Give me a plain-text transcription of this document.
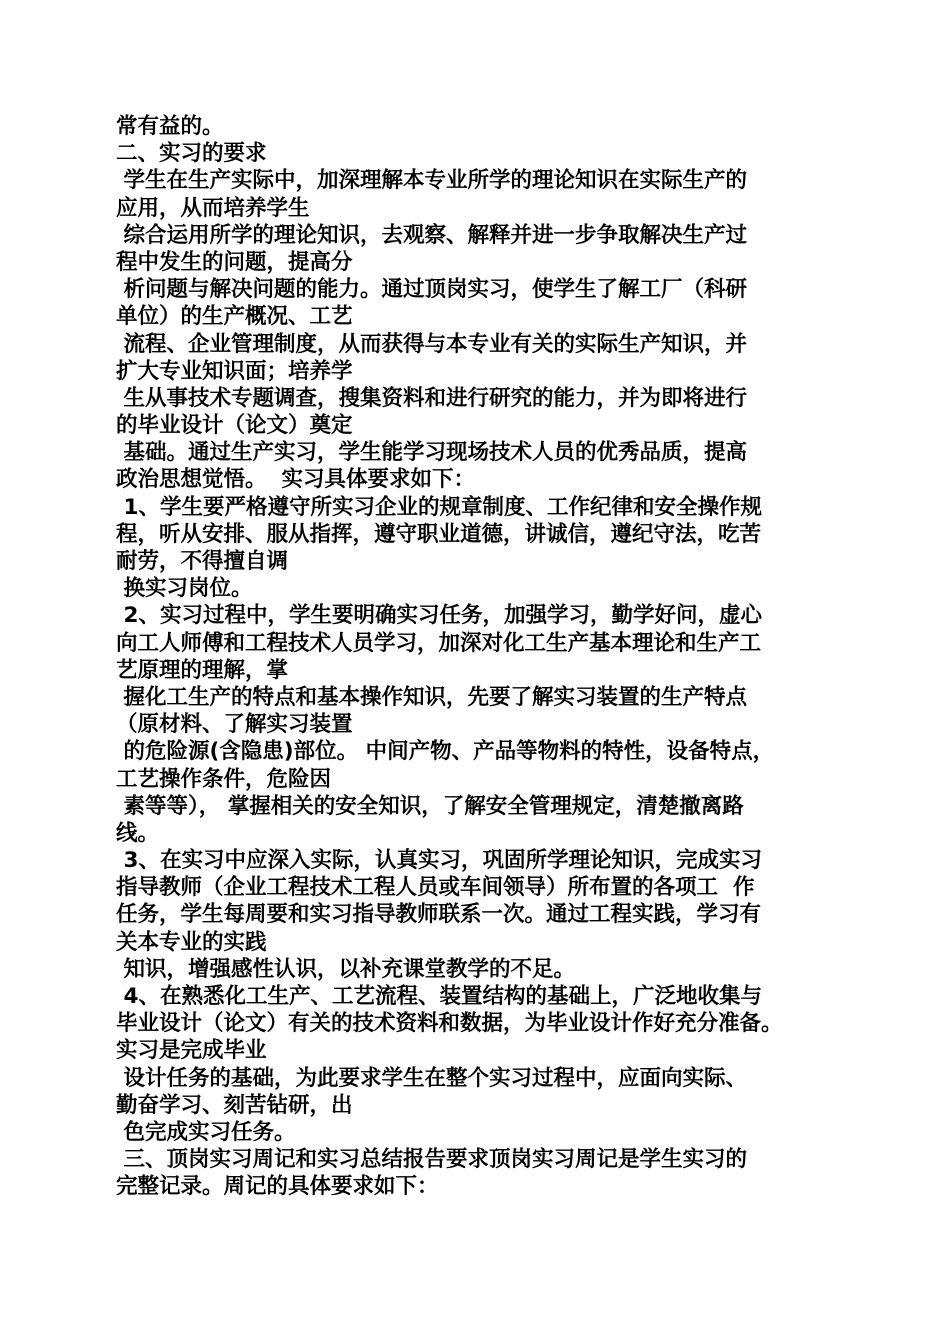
常有益的。
二、实习的要求
学生在生产实际中，加深理解本专业所学的理论知识在实际生产的
应用，从而培养学生
综合运用所学的理论知识，去观察、解释并进一步争取解决生产过
程中发生的问题，提高分
析问题与解决问题的能力。通过顶岗实习，使学生了解工厂（科研
单位）的生产概况、工艺
流程、企业管理制度，从而获得与本专业有关的实际生产知识，并
扩大专业知识面；培养学
生从事技术专题调查，搜集资料和进行研究的能力，并为即将进行
的毕业设计（论文）奠定
基础。通过生产实习，学生能学习现场技术人员的优秀品质，提高
政治思想觉悟。  实习具体要求如下：
1、学生要严格遵守所实习企业的规章制度、工作纪律和安全操作规
程，听从安排、服从指挥，遵守职业道德，讲诚信，遵纪守法，吃苦
耐劳，不得擅自调
换实习岗位。
2、实习过程中，学生要明确实习任务，加强学习，勤学好问，虚心
向工人师傅和工程技术人员学习，加深对化工生产基本理论和生产工
艺原理的理解，掌
握化工生产的特点和基本操作知识，先要了解实习装置的生产特点
（原材料、了解实习装置
的危险源(含隐患)部位。 中间产物、产品等物料的特性，设备特点，
工艺操作条件，危险因
素等等）， 掌握相关的安全知识，了解安全管理规定，清楚撤离路
线。
3、在实习中应深入实际，认真实习，巩固所学理论知识，完成实习
指导教师（企业工程技术工程人员或车间领导）所布置的各项工  作
任务，学生每周要和实习指导教师联系一次。通过工程实践，学习有
关本专业的实践
知识，增强感性认识，以补充课堂教学的不足。
4、在熟悉化工生产、工艺流程、装置结构的基础上，广泛地收集与
毕业设计（论文）有关的技术资料和数据，为毕业设计作好充分准备。
实习是完成毕业
设计任务的基础，为此要求学生在整个实习过程中，应面向实际、
勤奋学习、刻苦钻研，出
色完成实习任务。
三、顶岗实习周记和实习总结报告要求顶岗实习周记是学生实习的
完整记录。周记的具体要求如下：
